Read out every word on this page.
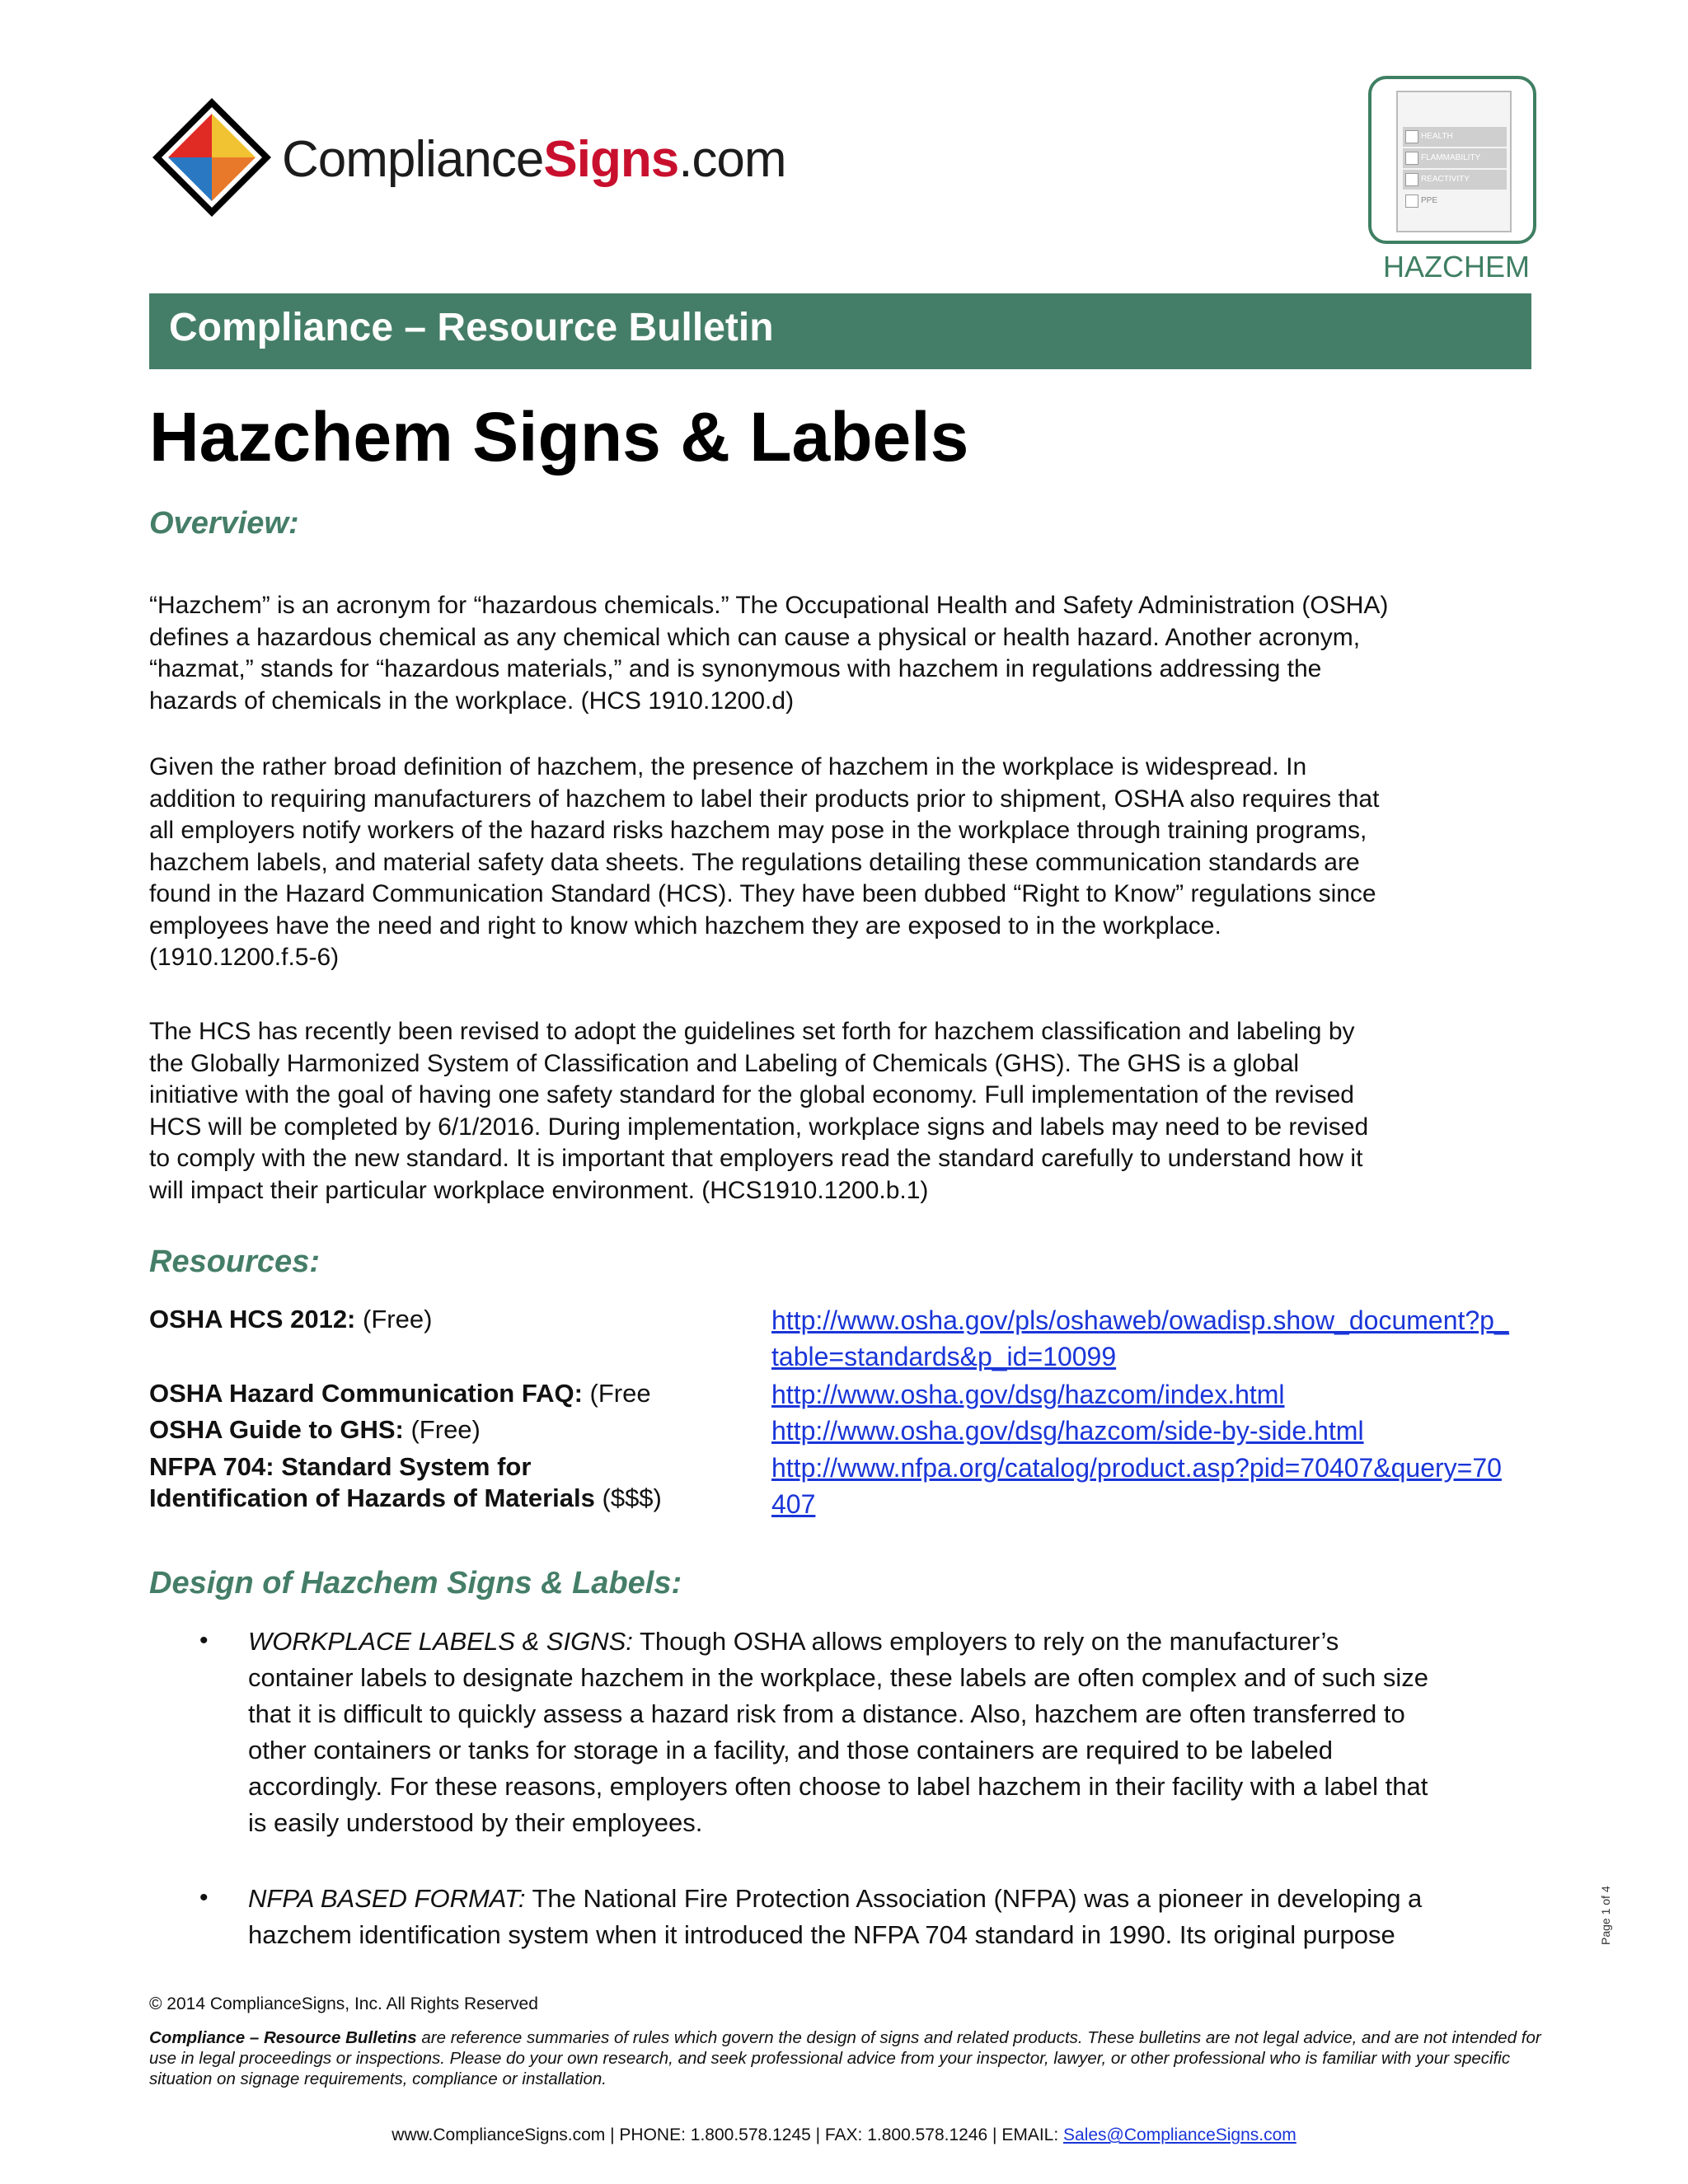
ComplianceSigns.com	HEALTH
FLAMMABILITY
REACTIVITY
PPE
HAZCHEM
Compliance – Resource Bulletin
Hazchem Signs & Labels
Overview:
“Hazchem” is an acronym for “hazardous chemicals.” The Occupational Health and Safety Administration (OSHA)
defines a hazardous chemical as any chemical which can cause a physical or health hazard. Another acronym,
“hazmat,” stands for “hazardous materials,” and is synonymous with hazchem in regulations addressing the
hazards of chemicals in the workplace. (HCS 1910.1200.d)
Given the rather broad definition of hazchem, the presence of hazchem in the workplace is widespread. In
addition to requiring manufacturers of hazchem to label their products prior to shipment, OSHA also requires that
all employers notify workers of the hazard risks hazchem may pose in the workplace through training programs,
hazchem labels, and material safety data sheets. The regulations detailing these communication standards are
found in the Hazard Communication Standard (HCS). They have been dubbed “Right to Know” regulations since
employees have the need and right to know which hazchem they are exposed to in the workplace.
(1910.1200.f.5-6)
The HCS has recently been revised to adopt the guidelines set forth for hazchem classification and labeling by
the Globally Harmonized System of Classification and Labeling of Chemicals (GHS). The GHS is a global
initiative with the goal of having one safety standard for the global economy. Full implementation of the revised
HCS will be completed by 6/1/2016. During implementation, workplace signs and labels may need to be revised
to comply with the new standard. It is important that employers read the standard carefully to understand how it
will impact their particular workplace environment. (HCS1910.1200.b.1)
Resources:
OSHA HCS 2012: (Free)	http://www.osha.gov/pls/oshaweb/owadisp.show_document?p_
table=standards&p_id=10099
OSHA Hazard Communication FAQ: (Free	http://www.osha.gov/dsg/hazcom/index.html
OSHA Guide to GHS: (Free)	http://www.osha.gov/dsg/hazcom/side-by-side.html
NFPA 704: Standard System for
Identification of Hazards of Materials ($$$)
http://www.nfpa.org/catalog/product.asp?pid=70407&query=70
407
Design of Hazchem Signs & Labels:
• WORKPLACE LABELS & SIGNS: Though OSHA allows employers to rely on the manufacturer’s
container labels to designate hazchem in the workplace, these labels are often complex and of such size
that it is difficult to quickly assess a hazard risk from a distance. Also, hazchem are often transferred to
other containers or tanks for storage in a facility, and those containers are required to be labeled
accordingly. For these reasons, employers often choose to label hazchem in their facility with a label that
is easily understood by their employees.
• NFPA BASED FORMAT: The National Fire Protection Association (NFPA) was a pioneer in developing a
hazchem identification system when it introduced the NFPA 704 standard in 1990. Its original purpose	Page 1 of 4
© 2014 ComplianceSigns, Inc. All Rights Reserved
Compliance – Resource Bulletins are reference summaries of rules which govern the design of signs and related products. These bulletins are not legal advice, and are not intended for use in legal proceedings or inspections. Please do your own research, and seek professional advice from your inspector, lawyer, or other professional who is familiar with your specific situation on signage requirements, compliance or installation.
www.ComplianceSigns.com | PHONE: 1.800.578.1245 | FAX: 1.800.578.1246 | EMAIL: Sales@ComplianceSigns.com
